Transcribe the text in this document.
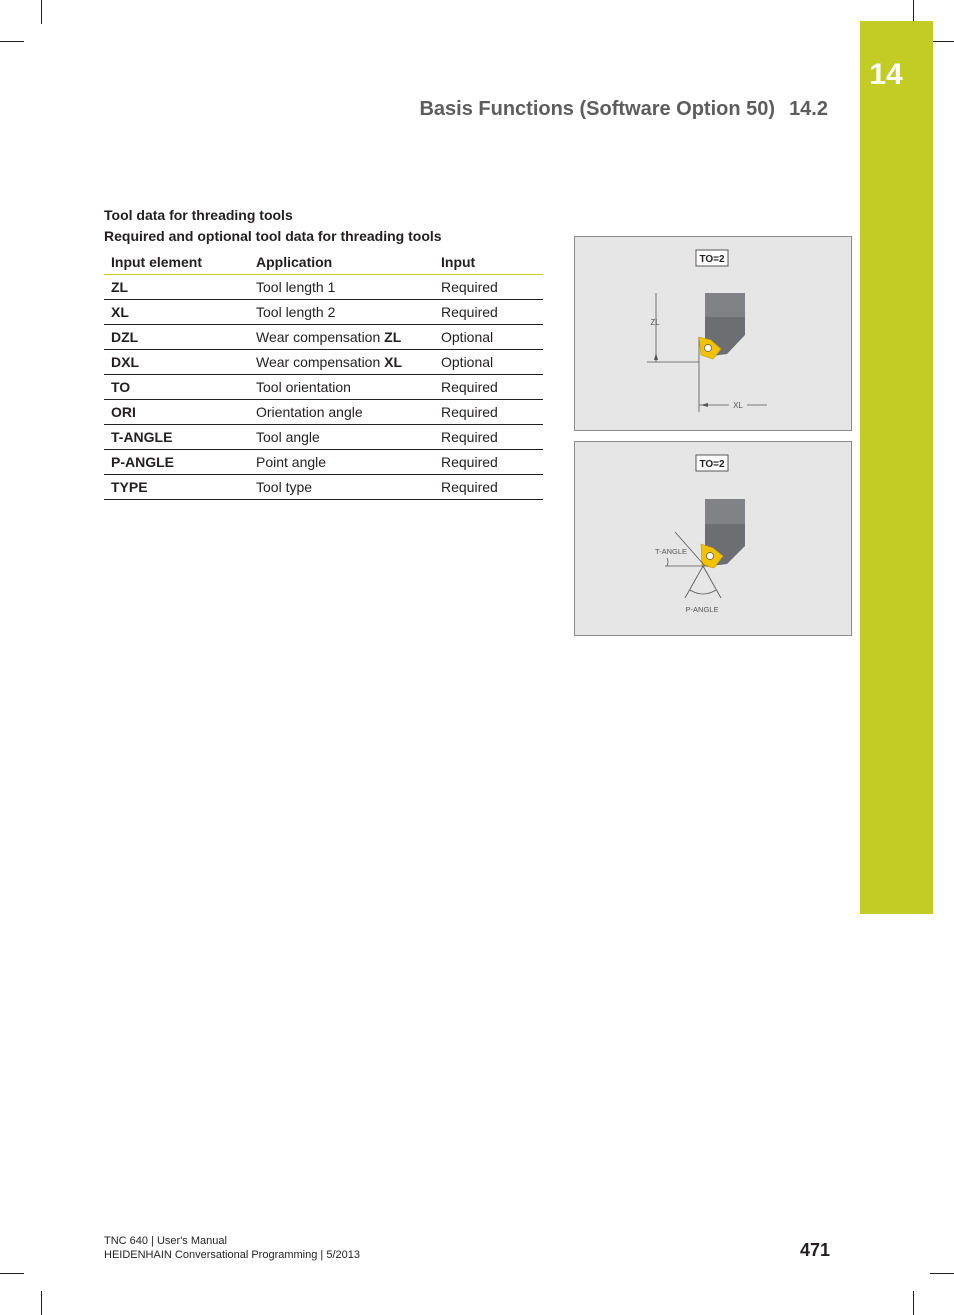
14
Basis Functions (Software Option 50) 14.2
Tool data for threading tools
Required and optional tool data for threading tools
Input element	Application	Input
ZL	Tool length 1	Required
XL	Tool length 2	Required
DZL	Wear compensation ZL	Optional
DXL	Wear compensation XL	Optional
TO	Tool orientation	Required
ORI	Orientation angle	Required
T-ANGLE	Tool angle	Required
P-ANGLE	Point angle	Required
TYPE	Tool type	Required
TO=2
ZL
XL
TO=2
T-ANGLE
P-ANGLE
TNC 640 | User's Manual
HEIDENHAIN Conversational Programming | 5/2013	471
